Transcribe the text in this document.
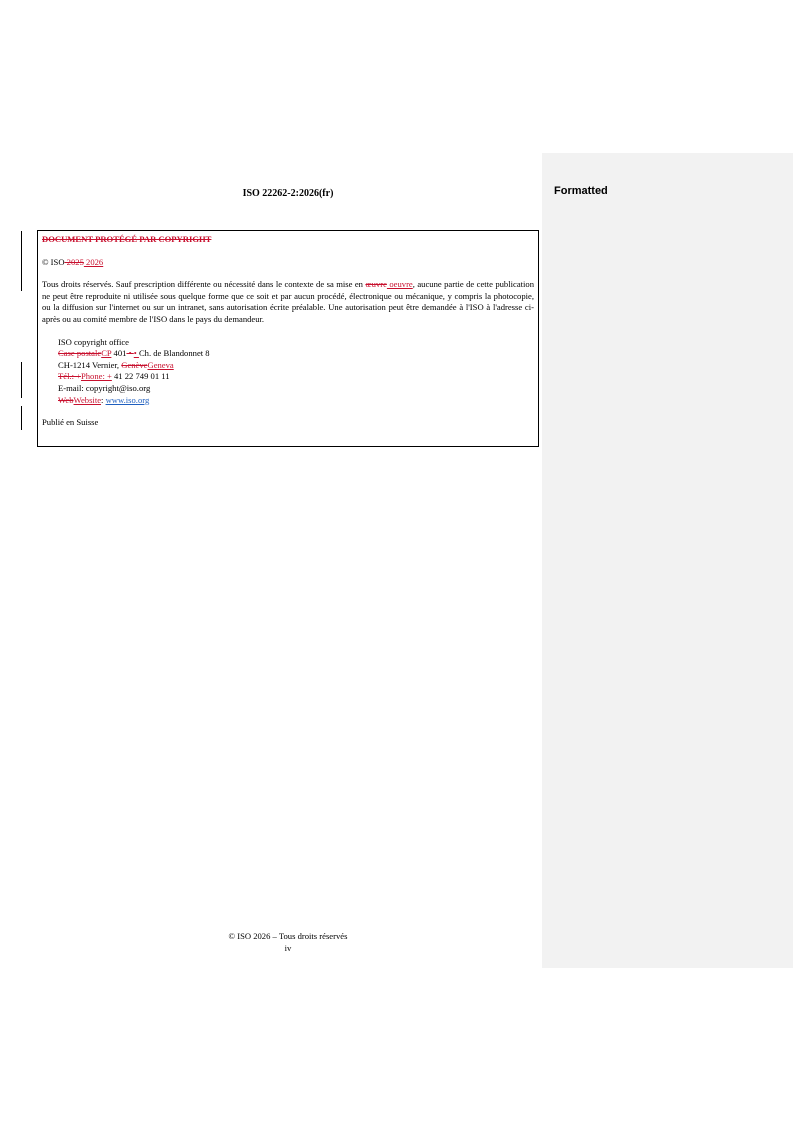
Formatted
ISO 22262-2:2026(fr)

DOCUMENT PROTÉGÉ PAR COPYRIGHT

© ISO 2025 2026

Tous droits réservés. Sauf prescription différente ou nécessité dans le contexte de sa mise en œuvre oeuvre, aucune partie de cette publication ne peut être reproduite ni utilisée sous quelque forme que ce soit et par aucun procédé, électronique ou mécanique, y compris la photocopie, ou la diffusion sur l'internet ou sur un intranet, sans autorisation écrite préalable. Une autorisation peut être demandée à l'ISO à l'adresse ci-après ou au comité membre de l'ISO dans le pays du demandeur.

ISO copyright office

Case postaleCP 401 • • Ch. de Blandonnet 8

CH-1214 Vernier, GenèveGeneva

Tél.: +Phone: + 41 22 749 01 11

E-mail: copyright@iso.org

WebWebsite: www.iso.org

Publié en Suisse

© ISO 2026 – Tous droits réservés
iv
